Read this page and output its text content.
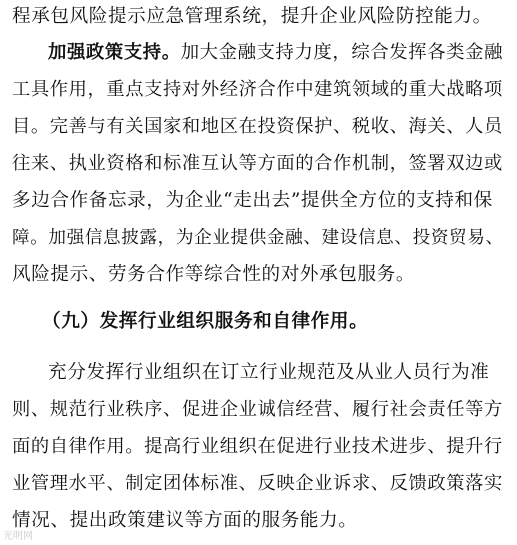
程承包风险提示应急管理系统，提升企业风险防控能力。
加强政策支持。加大金融支持力度，综合发挥各类金融
工具作用，重点支持对外经济合作中建筑领域的重大战略项
目。完善与有关国家和地区在投资保护、税收、海关、人员
往来、执业资格和标准互认等方面的合作机制，签署双边或
多边合作备忘录，为企业“走出去”提供全方位的支持和保
障。加强信息披露，为企业提供金融、建设信息、投资贸易、
风险提示、劳务合作等综合性的对外承包服务。
（九）发挥行业组织服务和自律作用。
充分发挥行业组织在订立行业规范及从业人员行为准
则、规范行业秩序、促进企业诚信经营、履行社会责任等方
面的自律作用。提高行业组织在促进行业技术进步、提升行
业管理水平、制定团体标准、反映企业诉求、反馈政策落实
情况、提出政策建议等方面的服务能力。
光明网
